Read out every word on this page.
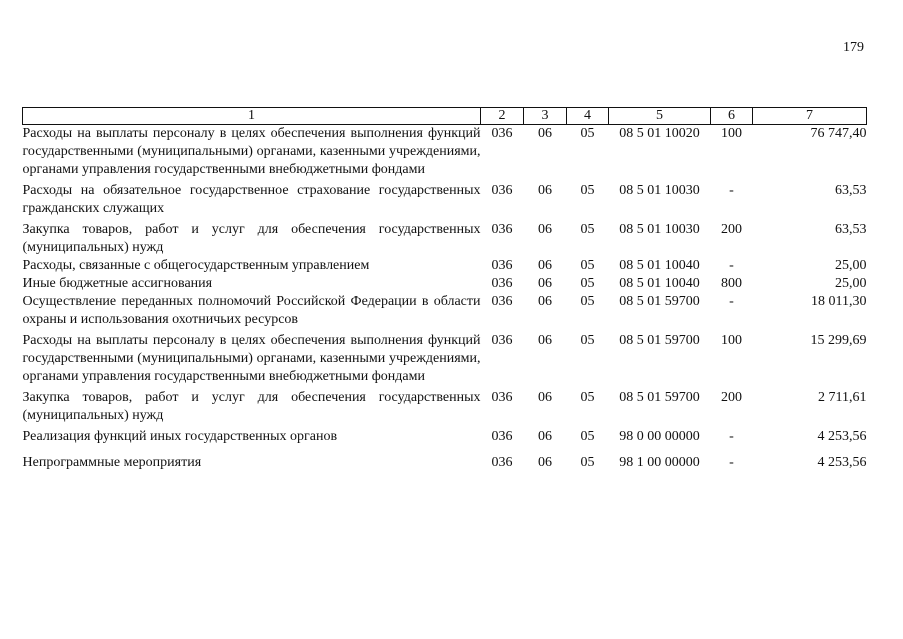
179
1	2	3	4	5	6	7
Расходы на выплаты персоналу в целях обеспечения выполнения функций государственными (муниципальными) органами, казенными учреждениями, органами управления государственными внебюджетными фондами	036	06	05	08 5 01 10020	100	76 747,40
Расходы на обязательное государственное страхование государственных гражданских служащих	036	06	05	08 5 01 10030	-	63,53
Закупка товаров, работ и услуг для обеспечения государственных (муниципальных) нужд	036	06	05	08 5 01 10030	200	63,53
Расходы, связанные с общегосударственным управлением	036	06	05	08 5 01 10040	-	25,00
Иные бюджетные ассигнования	036	06	05	08 5 01 10040	800	25,00
Осуществление переданных полномочий Российской Федерации в области охраны и использования охотничьих ресурсов	036	06	05	08 5 01 59700	-	18 011,30
Расходы на выплаты персоналу в целях обеспечения выполнения функций государственными (муниципальными) органами, казенными учреждениями, органами управления государственными внебюджетными фондами	036	06	05	08 5 01 59700	100	15 299,69
Закупка товаров, работ и услуг для обеспечения государственных (муниципальных) нужд	036	06	05	08 5 01 59700	200	2 711,61
Реализация функций иных государственных органов	036	06	05	98 0 00 00000	-	4 253,56
Непрограммные мероприятия	036	06	05	98 1 00 00000	-	4 253,56
